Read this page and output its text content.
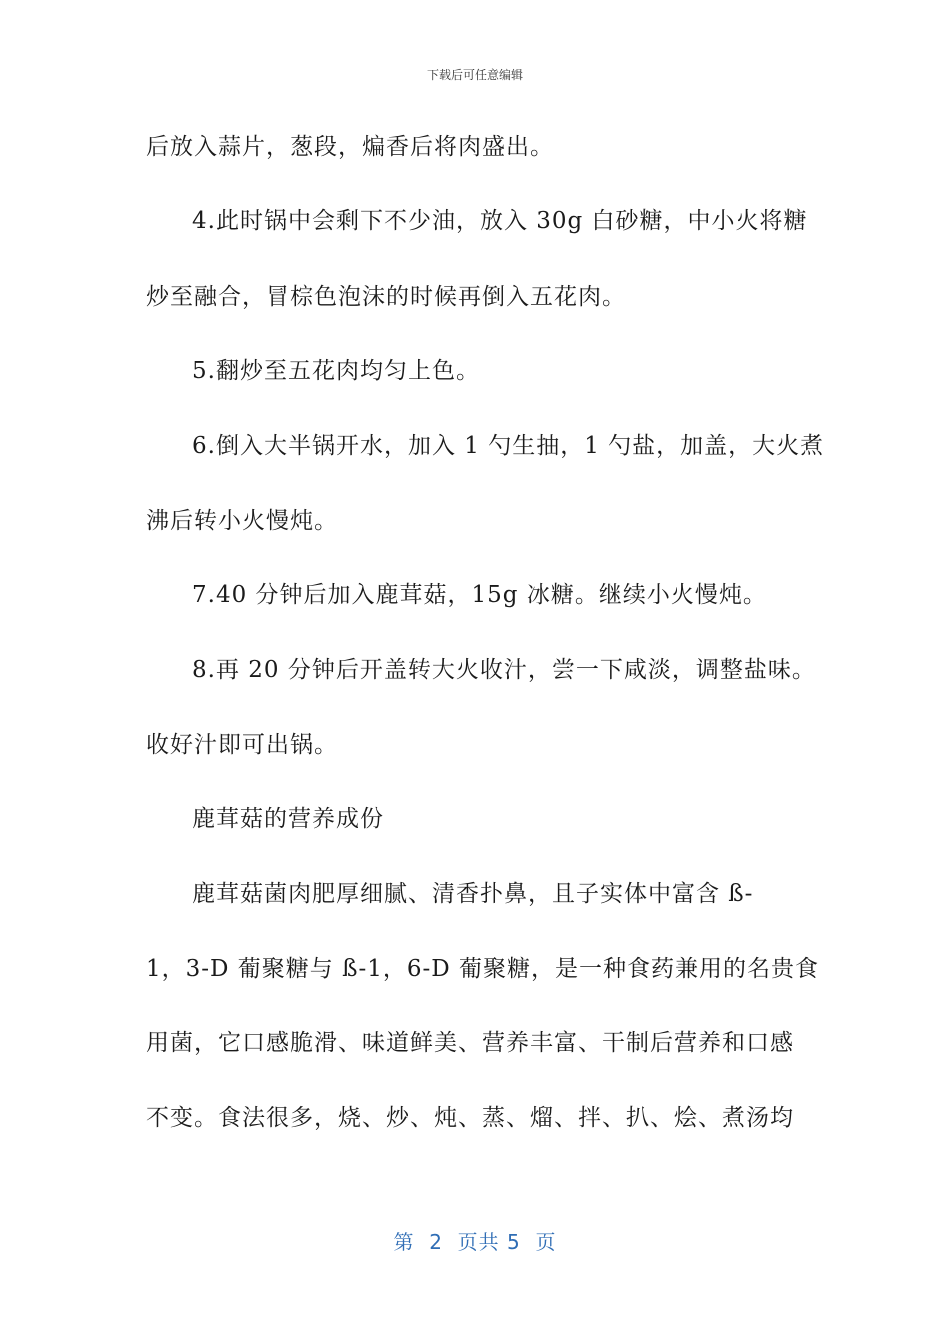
下载后可任意编辑
后放入蒜片，葱段，煸香后将肉盛出。
4.此时锅中会剩下不少油，放入 30g 白砂糖，中小火将糖
炒至融合，冒棕色泡沫的时候再倒入五花肉。
5.翻炒至五花肉均匀上色。
6.倒入大半锅开水，加入 1 勺生抽，1 勺盐，加盖，大火煮
沸后转小火慢炖。
7.40 分钟后加入鹿茸菇，15g 冰糖。继续小火慢炖。
8.再 20 分钟后开盖转大火收汁，尝一下咸淡，调整盐味。
收好汁即可出锅。
鹿茸菇的营养成份
鹿茸菇菌肉肥厚细腻、清香扑鼻，且子实体中富含 ß-
1，3-D 葡聚糖与 ß-1，6-D 葡聚糖，是一种食药兼用的名贵食
用菌，它口感脆滑、味道鲜美、营养丰富、干制后营养和口感
不变。食法很多，烧、炒、炖、蒸、熘、拌、扒、烩、煮汤均
第  2  页共 5  页
